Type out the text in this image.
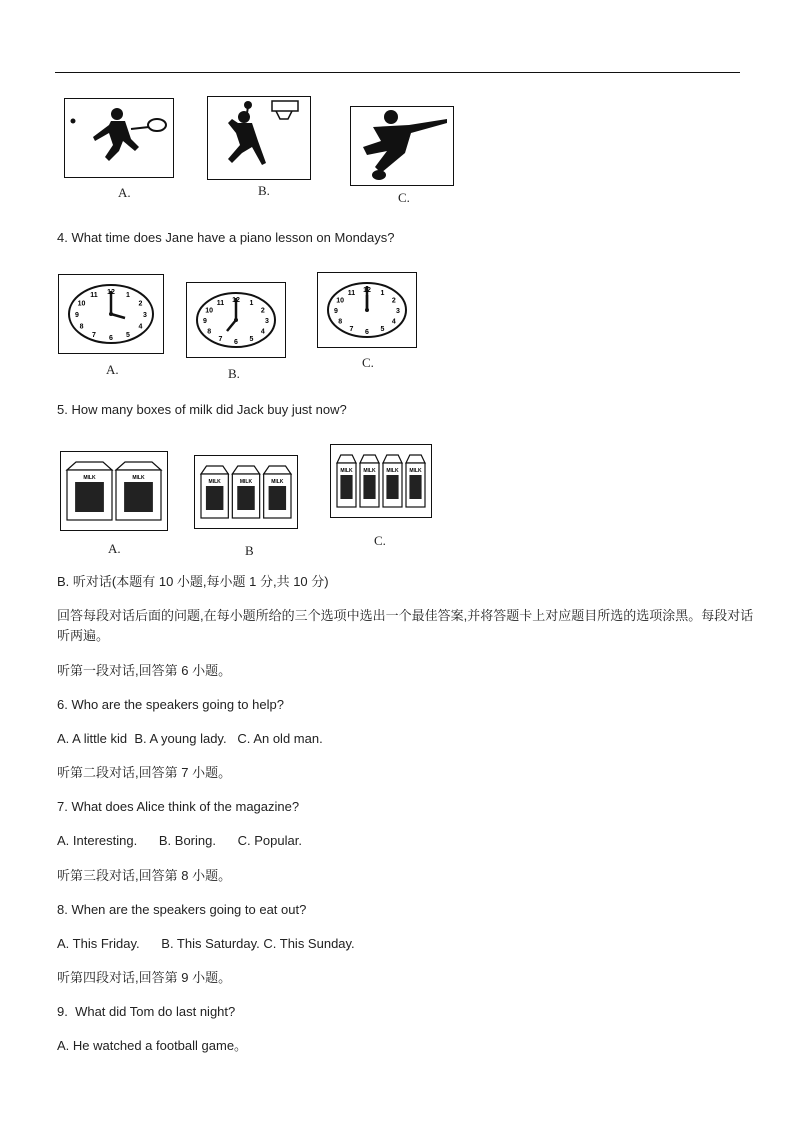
A.	B.	C.
4. What time does Jane have a piano lesson on Mondays?
12 1
2
3
4
5
6
7
8
9
10
11
A.
12 1
2
3
4
5
6
7
8
9
10
11
B.
12 1
2
3
4
5
6
7
8
9
10
11
C.
5. How many boxes of milk did Jack buy just now?
MILK	MILK
A.
MILK	MILK	MILK
B
MILK MILK MILK MILK
C.
B. 听对话(本题有 10 小题,每小题 1 分,共 10 分)
回答每段对话后面的问题,在每小题所给的三个选项中选出一个最佳答案,并将答题卡上对应题目所选的选项涂黑。每段对话听两遍。
听第一段对话,回答第 6 小题。
6. Who are the speakers going to help?
A. A little kid  B. A young lady.   C. An old man.
听第二段对话,回答第 7 小题。
7. What does Alice think of the magazine?
A. Interesting.      B. Boring.      C. Popular.
听第三段对话,回答第 8 小题。
8. When are the speakers going to eat out?
A. This Friday.      B. This Saturday. C. This Sunday.
听第四段对话,回答第 9 小题。
9.  What did Tom do last night?
A. He watched a football game。
